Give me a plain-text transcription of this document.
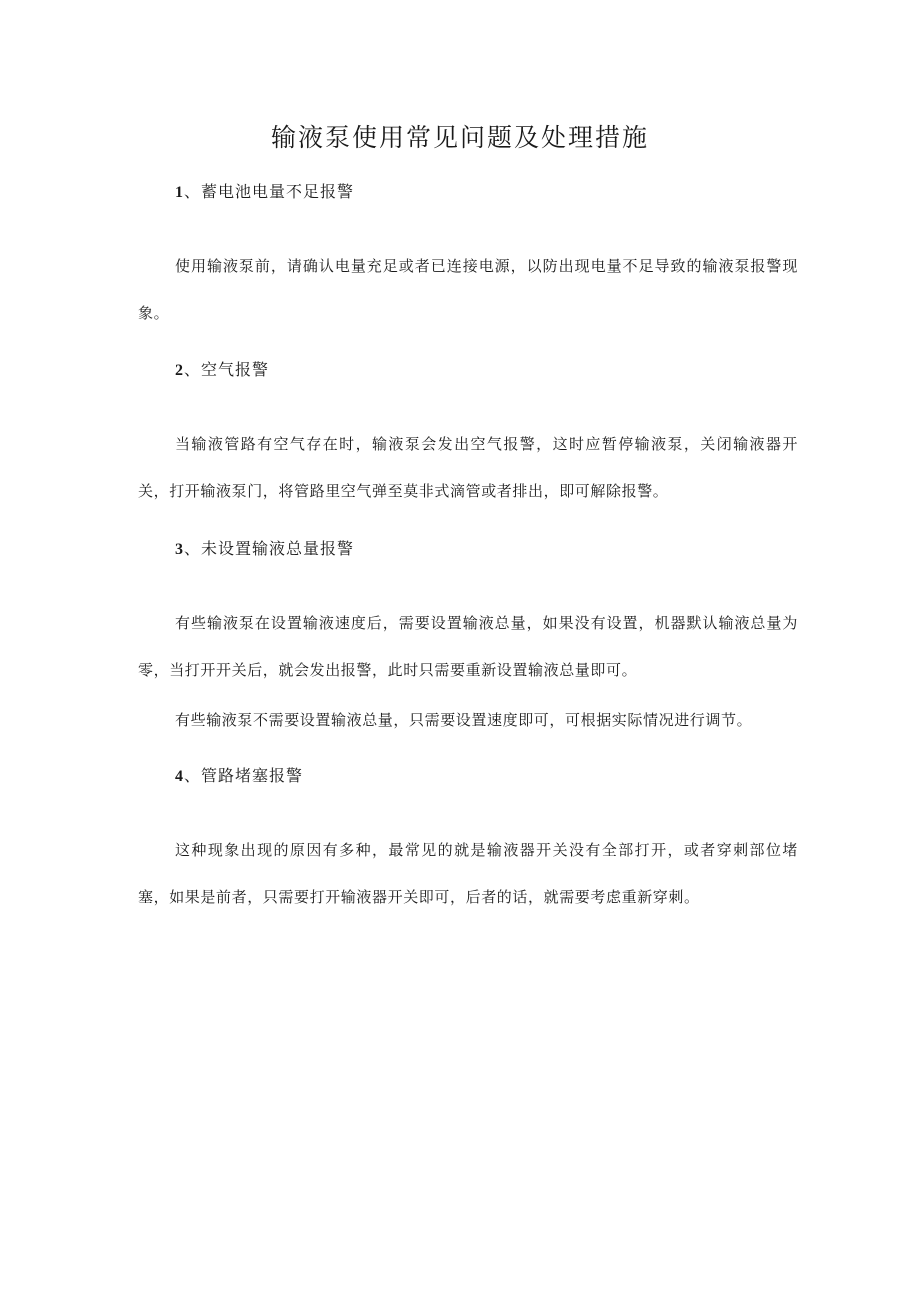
输液泵使用常见问题及处理措施
1、蓄电池电量不足报警

使用输液泵前，请确认电量充足或者已连接电源，以防出现电量不足导致的输液泵报警现象。

2、空气报警

当输液管路有空气存在时，输液泵会发出空气报警，这时应暂停输液泵，关闭输液器开关，打开输液泵门，将管路里空气弹至莫非式滴管或者排出，即可解除报警。

3、未设置输液总量报警

有些输液泵在设置输液速度后，需要设置输液总量，如果没有设置，机器默认输液总量为零，当打开开关后，就会发出报警，此时只需要重新设置输液总量即可。

有些输液泵不需要设置输液总量，只需要设置速度即可，可根据实际情况进行调节。

4、管路堵塞报警

这种现象出现的原因有多种，最常见的就是输液器开关没有全部打开，或者穿刺部位堵塞，如果是前者，只需要打开输液器开关即可，后者的话，就需要考虑重新穿刺。
